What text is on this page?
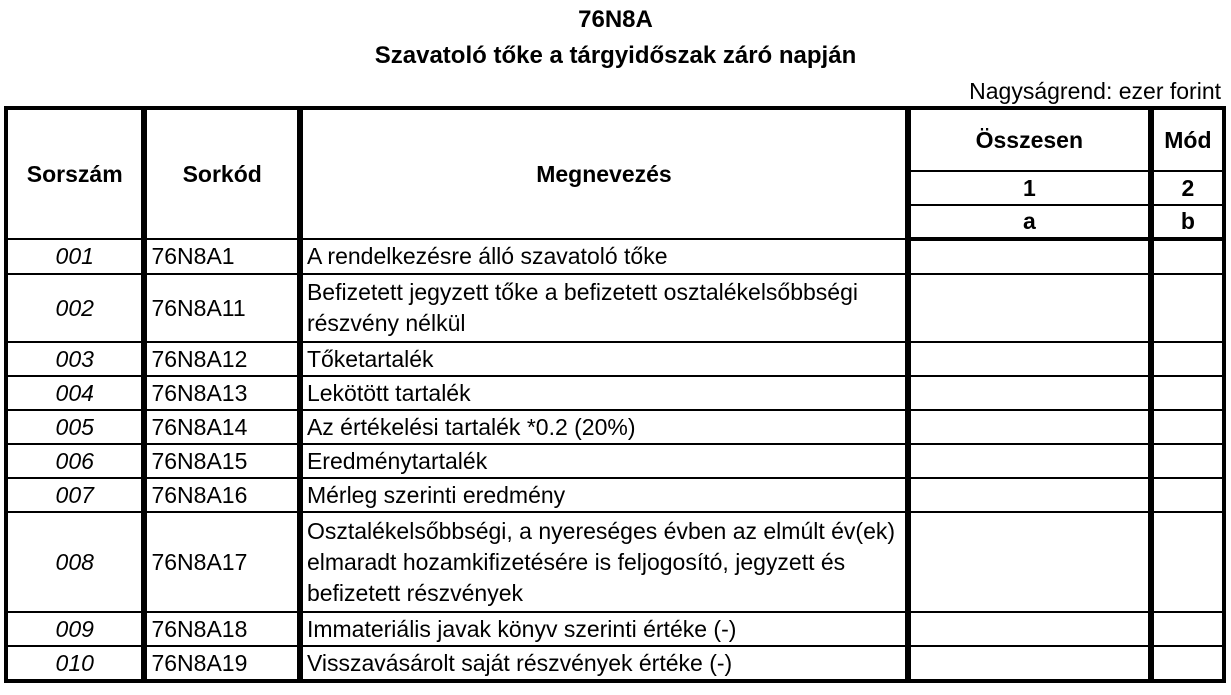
76N8A
Szavatoló tőke a tárgyidőszak záró napján
Nagyságrend: ezer forint
Sorszám	Sorkód	Megnevezés	Összesen	Mód
			1	2
			a	b
001	76N8A1	A rendelkezésre álló szavatoló tőke		
002	76N8A11	Befizetett jegyzett tőke a befizetett osztalékelsőbbségi részvény nélkül		
003	76N8A12	Tőketartalék		
004	76N8A13	Lekötött tartalék		
005	76N8A14	Az értékelési tartalék *0.2 (20%)		
006	76N8A15	Eredménytartalék		
007	76N8A16	Mérleg szerinti eredmény		
008	76N8A17	Osztalékelsőbbségi, a nyereséges évben az elmúlt év(ek) elmaradt hozamkifizetésére is feljogosító, jegyzett és befizetett részvények		
009	76N8A18	Immateriális javak könyv szerinti értéke (-)		
010	76N8A19	Visszavásárolt saját részvények értéke (-)		
